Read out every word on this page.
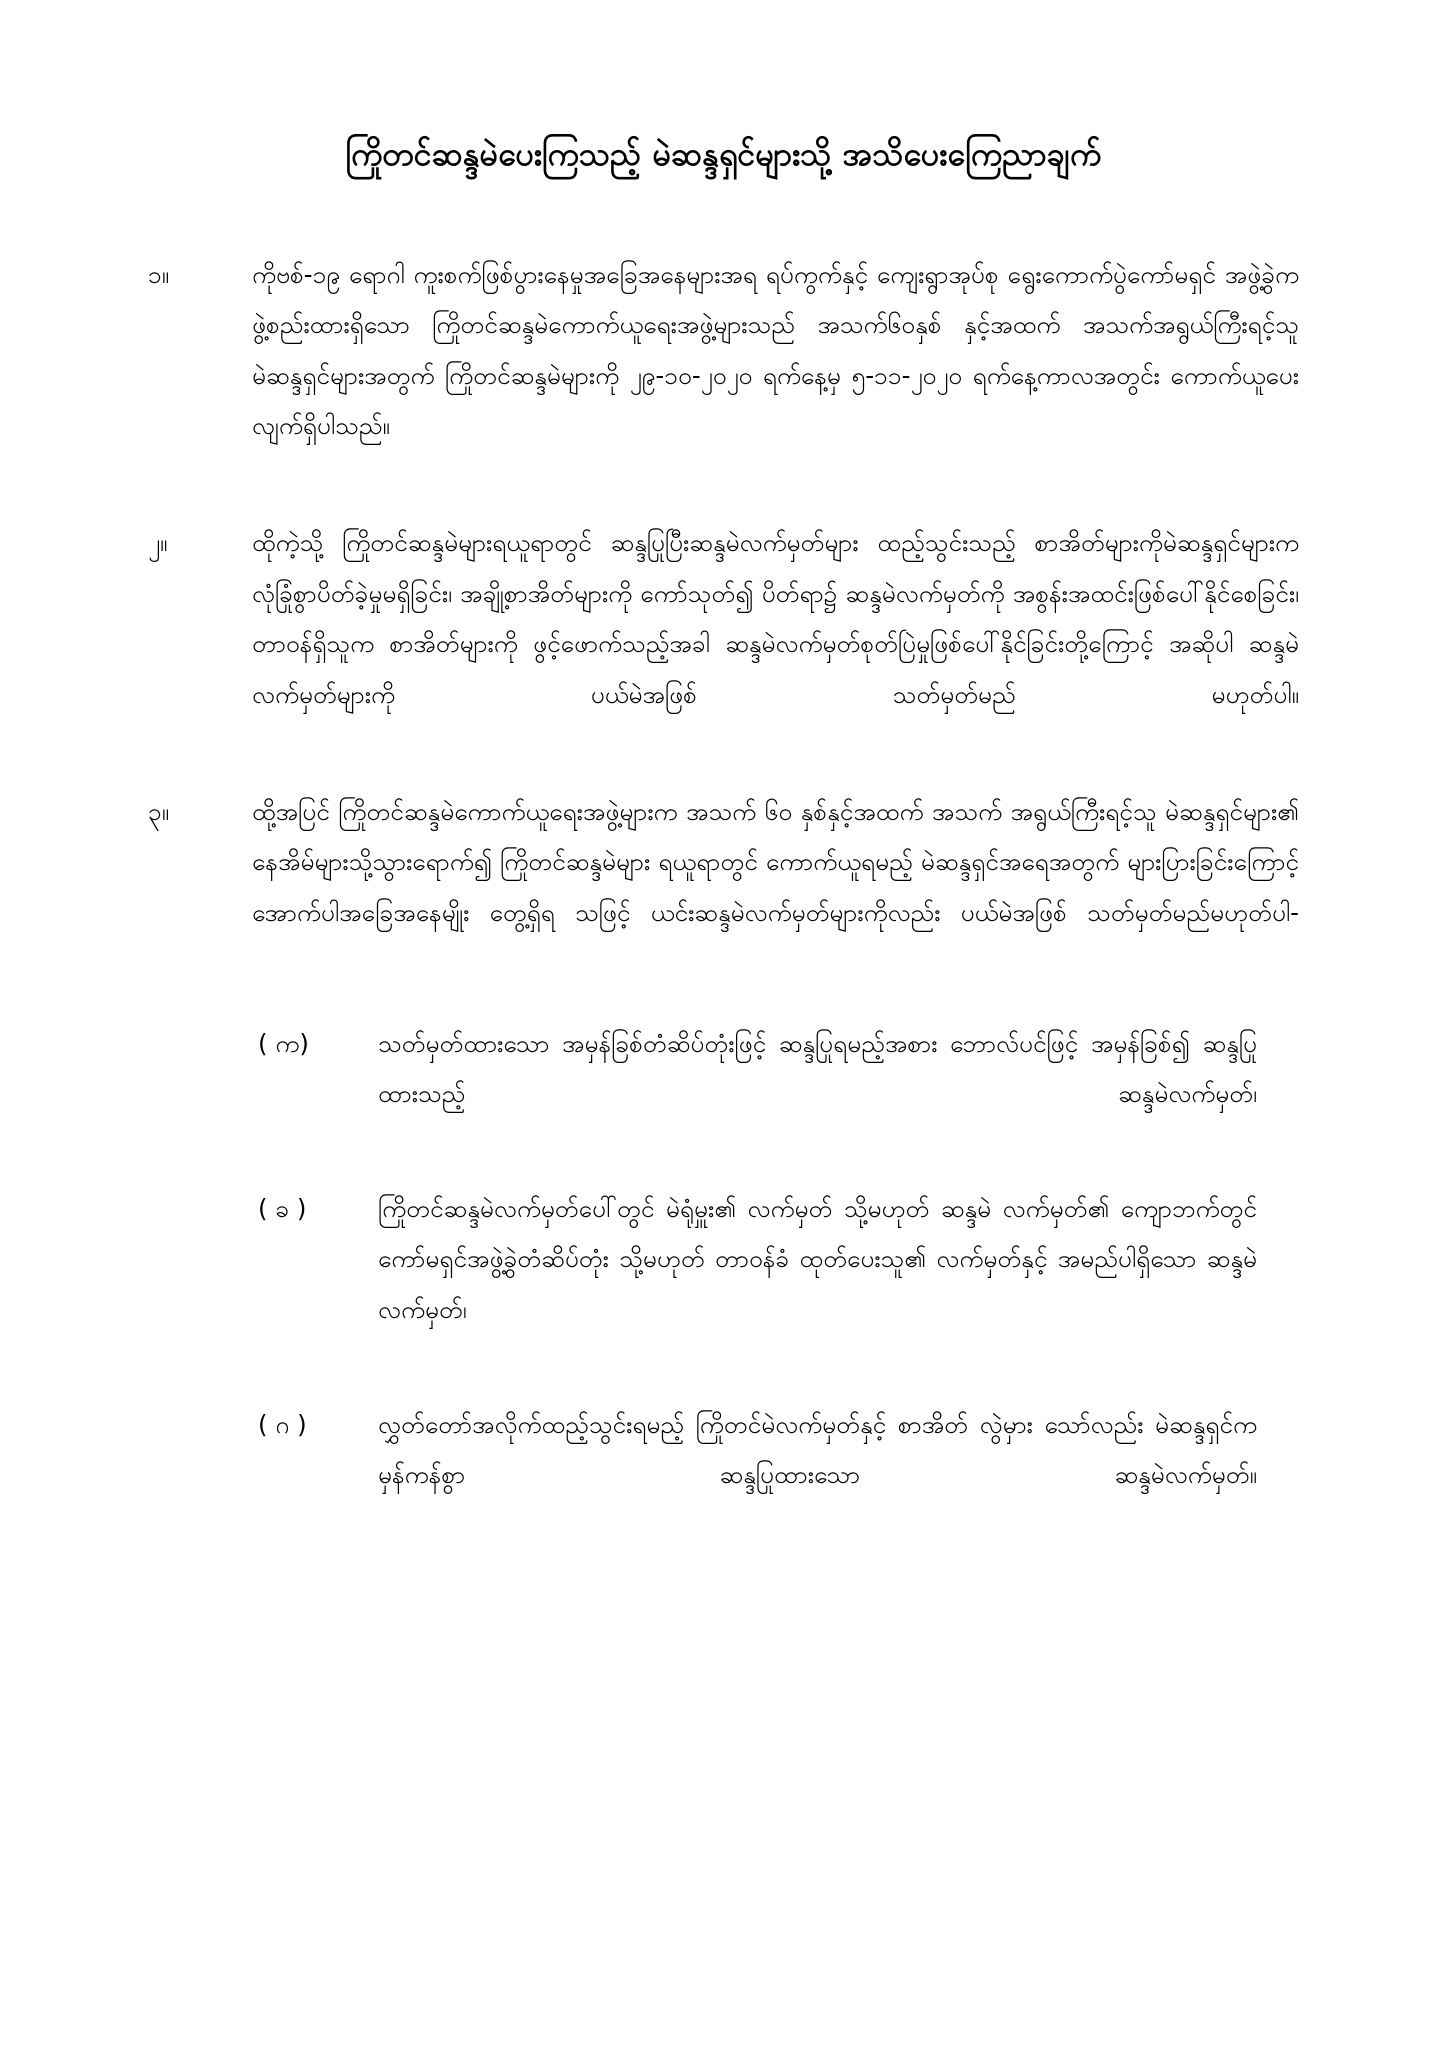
ကြိုတင်ဆန္ဒမဲပေးကြသည့် မဲဆန္ဒရှင်များသို့ အသိပေးကြေညာချက်
၁။	ကိုဗစ်-၁၉ ရောဂါ ကူးစက်ဖြစ်ပွားနေမှုအခြေအနေများအရ ရပ်ကွက်နှင့် ကျေးရွာအုပ်စု ရွေးကောက်ပွဲကော်မရှင် အဖွဲ့ခွဲက ဖွဲ့စည်းထားရှိသော ကြိုတင်ဆန္ဒမဲကောက်ယူရေးအဖွဲ့များသည် အသက်၆၀နှစ် နှင့်အထက် အသက်အရွယ်ကြီးရင့်သူ မဲဆန္ဒရှင်များအတွက် ကြိုတင်ဆန္ဒမဲများကို ၂၉-၁၀-၂၀၂၀ ရက်နေ့မှ ၅-၁၁-၂၀၂၀ ရက်နေ့ကာလအတွင်း ကောက်ယူပေးလျက်ရှိပါသည်။
၂။	ထိုကဲ့သို့ ကြိုတင်ဆန္ဒမဲများရယူရာတွင် ဆန္ဒပြုပြီးဆန္ဒမဲလက်မှတ်များ ထည့်သွင်းသည့် စာအိတ်များကိုမဲဆန္ဒရှင်များက လုံခြုံစွာပိတ်ခဲ့မှုမရှိခြင်း၊ အချို့စာအိတ်များကို ကော်သုတ်၍ ပိတ်ရာ၌ ဆန္ဒမဲလက်မှတ်ကို အစွန်းအထင်းဖြစ်ပေါ်နိုင်စေခြင်း၊ တာဝန်ရှိသူက စာအိတ်များကို ဖွင့်ဖောက်သည့်အခါ ဆန္ဒမဲလက်မှတ်စုတ်ပြဲမှုဖြစ်ပေါ်နိုင်ခြင်းတို့ကြောင့် အဆိုပါ ဆန္ဒမဲလက်မှတ်များကို ပယ်မဲအဖြစ် သတ်မှတ်မည် မဟုတ်ပါ။
၃။	ထို့အပြင် ကြိုတင်ဆန္ဒမဲကောက်ယူရေးအဖွဲ့များက အသက် ၆၀ နှစ်နှင့်အထက် အသက် အရွယ်ကြီးရင့်သူ မဲဆန္ဒရှင်များ၏ နေအိမ်များသို့သွားရောက်၍ ကြိုတင်ဆန္ဒမဲများ ရယူရာတွင် ကောက်ယူရမည့် မဲဆန္ဒရှင်အရေအတွက် များပြားခြင်းကြောင့် အောက်ပါအခြေအနေမျိုး တွေ့ရှိရ သဖြင့် ယင်းဆန္ဒမဲလက်မှတ်များကိုလည်း ပယ်မဲအဖြစ် သတ်မှတ်မည်မဟုတ်ပါ-
( က)	သတ်မှတ်ထားသော အမှန်ခြစ်တံဆိပ်တုံးဖြင့် ဆန္ဒပြုရမည့်အစား ဘောလ်ပင်ဖြင့် အမှန်ခြစ်၍ ဆန္ဒပြုထားသည့် ဆန္ဒမဲလက်မှတ်၊
( ခ )	ကြိုတင်ဆန္ဒမဲလက်မှတ်ပေါ်တွင် မဲရုံမှူး၏ လက်မှတ် သို့မဟုတ် ဆန္ဒမဲ လက်မှတ်၏ ကျောဘက်တွင် ကော်မရှင်အဖွဲ့ခွဲတံဆိပ်တုံး သို့မဟုတ် တာဝန်ခံ ထုတ်ပေးသူ၏ လက်မှတ်နှင့် အမည်ပါရှိသော ဆန္ဒမဲလက်မှတ်၊
( ဂ )	လွှတ်တော်အလိုက်ထည့်သွင်းရမည့် ကြိုတင်မဲလက်မှတ်နှင့် စာအိတ် လွဲမှား သော်လည်း မဲဆန္ဒရှင်က မှန်ကန်စွာ ဆန္ဒပြုထားသော ဆန္ဒမဲလက်မှတ်။
